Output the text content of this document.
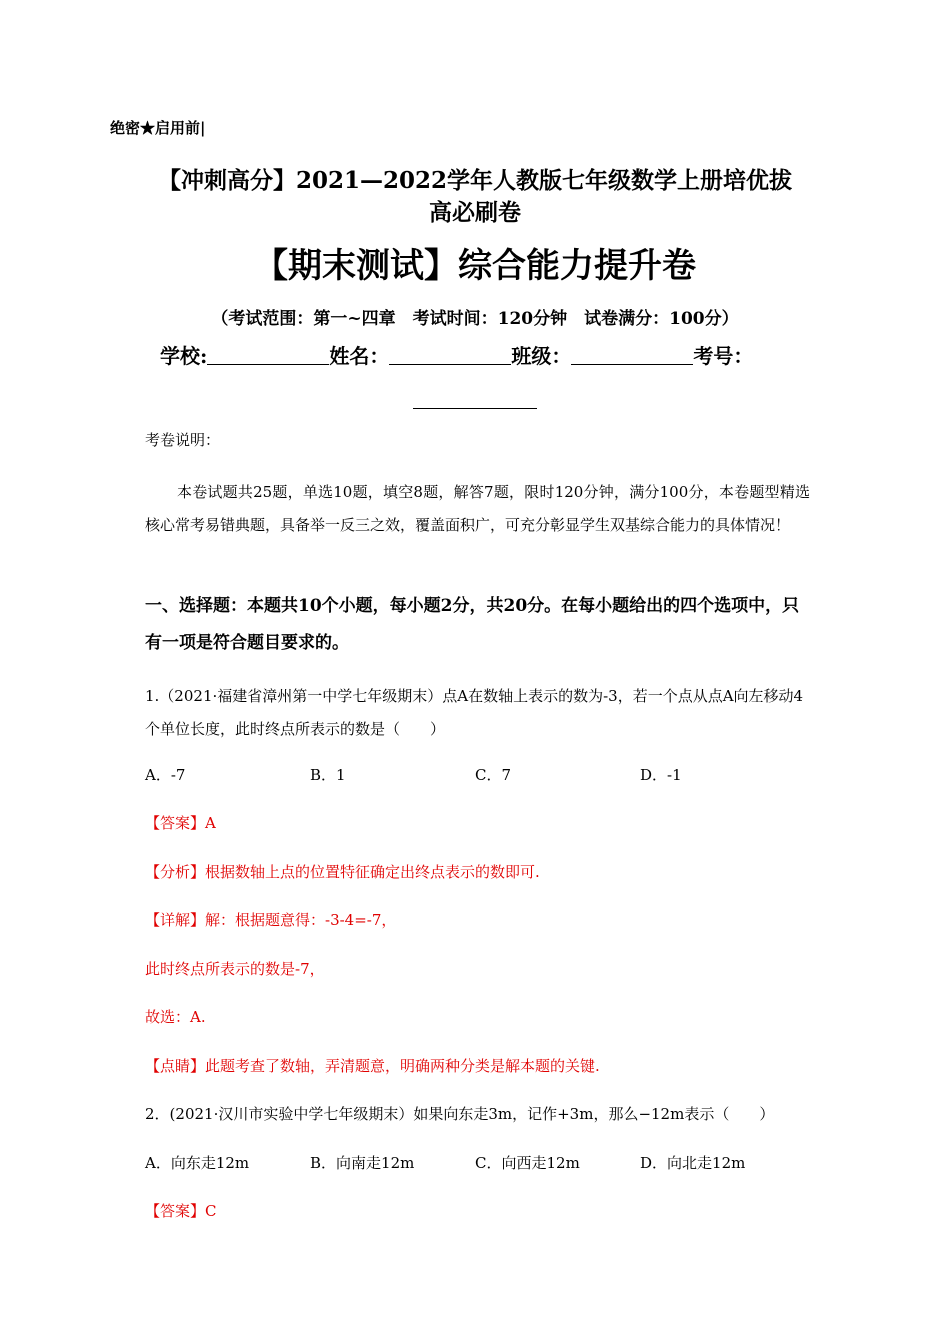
绝密★启用前|
【冲刺高分】2021—2022学年人教版七年级数学上册培优拔
高必刷卷
【期末测试】综合能力提升卷
（考试范围：第一~四章　考试时间：120分钟　试卷满分：100分）
学校:	姓名：	班级：	考号：
考卷说明：
本卷试题共25题，单选10题，填空8题，解答7题，限时120分钟，满分100分，本卷题型精选核心常考易错典题，具备举一反三之效，覆盖面积广，可充分彰显学生双基综合能力的具体情况！
一、选择题：本题共10个小题，每小题2分，共20分。在每小题给出的四个选项中，只有一项是符合题目要求的。
1.（2021·福建省漳州第一中学七年级期末）点A在数轴上表示的数为-3，若一个点从点A向左移动4个单位长度，此时终点所表示的数是（　　）
A．-7	B．1	C．7	D．-1
【答案】A
【分析】根据数轴上点的位置特征确定出终点表示的数即可.
【详解】解：根据题意得：-3-4=-7，
此时终点所表示的数是-7，
故选：A.
【点睛】此题考查了数轴，弄清题意，明确两种分类是解本题的关键.
2．(2021·汉川市实验中学七年级期末）如果向东走3m，记作+3m，那么−12m表示（　　）
A．向东走12m	B．向南走12m	C．向西走12m	D．向北走12m
【答案】C
